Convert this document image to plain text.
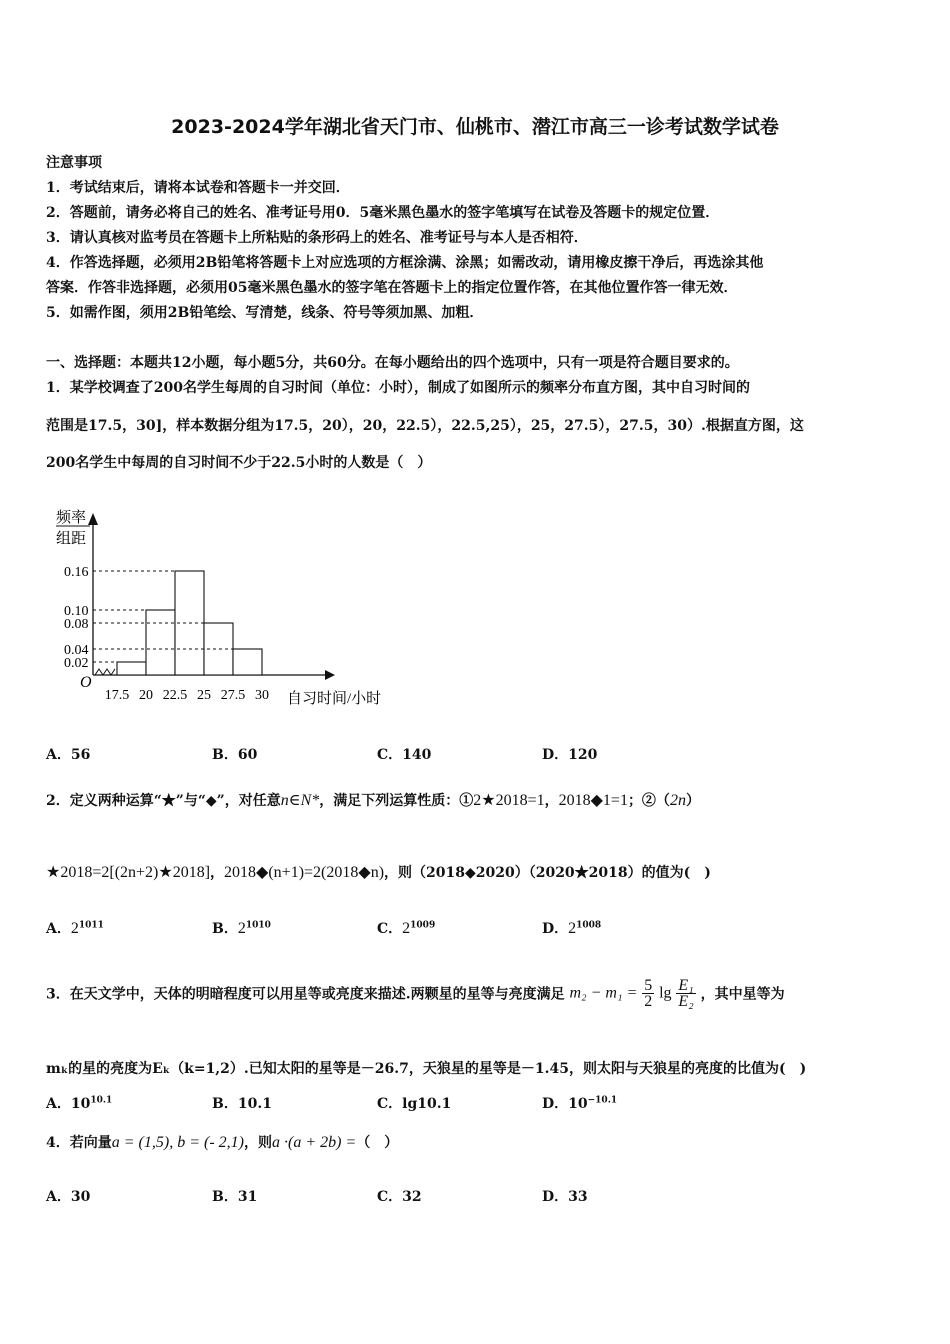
2023-2024学年湖北省天门市、仙桃市、潜江市高三一诊考试数学试卷
注意事项
1．考试结束后，请将本试卷和答题卡一并交回．
2．答题前，请务必将自己的姓名、准考证号用0．5毫米黑色墨水的签字笔填写在试卷及答题卡的规定位置．
3．请认真核对监考员在答题卡上所粘贴的条形码上的姓名、准考证号与本人是否相符．
4．作答选择题，必须用2B铅笔将答题卡上对应选项的方框涂满、涂黑；如需改动，请用橡皮擦干净后，再选涂其他
答案．作答非选择题，必须用05毫米黑色墨水的签字笔在答题卡上的指定位置作答，在其他位置作答一律无效．
5．如需作图，须用2B铅笔绘、写清楚，线条、符号等须加黑、加粗．
一、选择题：本题共12小题，每小题5分，共60分。在每小题给出的四个选项中，只有一项是符合题目要求的。
1．某学校调查了200名学生每周的自习时间（单位：小时），制成了如图所示的频率分布直方图，其中自习时间的
范围是17.5，30]，样本数据分组为17.5，20），20，22.5），22.5,25），25，27.5），27.5，30）.根据直方图，这
200名学生中每周的自习时间不少于22.5小时的人数是（　）
频率
组距
0.16
0.10
0.08
0.04
0.02
O
17.5 20 22.5 25 27.5 30 自习时间/小时
A．56	B．60	C．140	D．120
2．定义两种运算“★”与“◆”，对任意n∈N*，满足下列运算性质：①2★2018=1，2018◆1=1；②（2n）
★2018=2[(2n+2)★2018]，2018◆(n+1)=2(2018◆n)，则（2018◆2020）（2020★2018）的值为(　)
A．$2^{1011}$	B．$2^{1010}$	C．$2^{1009}$	D．$2^{1008}$
3．在天文学中，天体的明暗程度可以用星等或亮度来描述.两颗星的星等与亮度满足 $m_2 - m_1 = \frac{5}{2}$ $\lg \frac{\text{E₁}}{\text{E₂}}$ ，其中星等为
mₖ的星的亮度为Eₖ（k=1,2）.已知太阳的星等是－26.7，天狼星的星等是－1.45，则太阳与天狼星的亮度的比值为(　)
A．$10^{10.1}$	B．10.1	C．lg10.1	D．$10^{-10.1}$
4．若向量a = (1,5), b = (- 2,1)，则a ·(a + 2b) =（　）
A．30	B．31	C．32	D．33
